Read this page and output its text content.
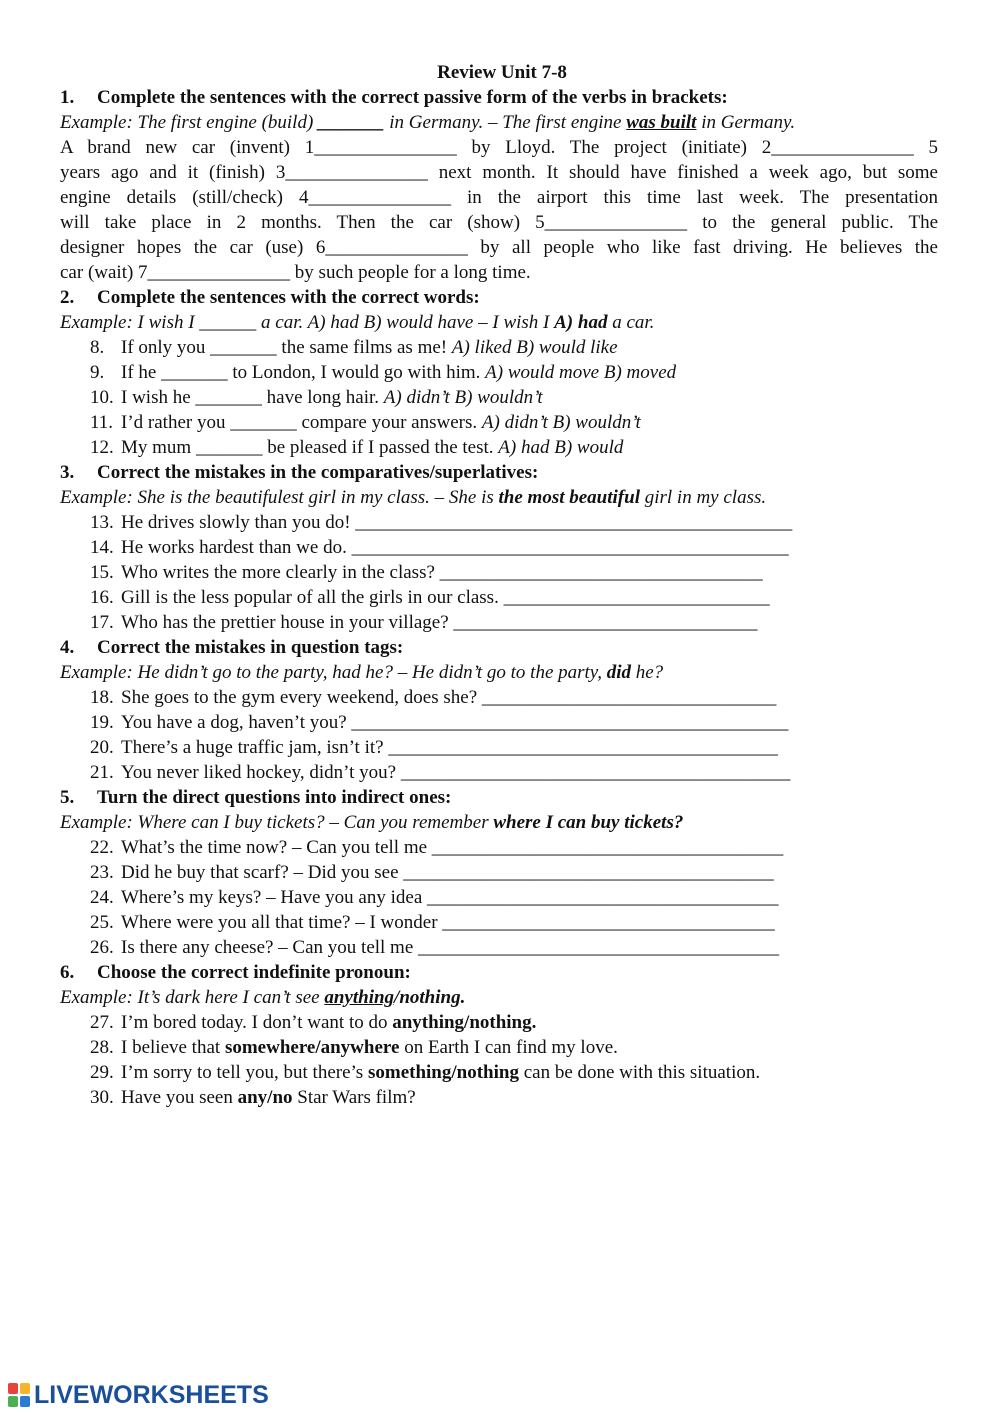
Review Unit 7-8
1.	Complete the sentences with the correct passive form of the verbs in brackets:
Example: The first engine (build) _______ in Germany. – The first engine was built in Germany.
A brand new car (invent) 1_______________ by Lloyd. The project (initiate) 2_______________ 5
years ago and it (finish) 3_______________ next month. It should have finished a week ago, but some
engine details (still/check) 4_______________ in the airport this time last week. The presentation
will take place in 2 months. Then the car (show) 5_______________ to the general public. The
designer hopes the car (use) 6_______________ by all people who like fast driving. He believes the
car (wait) 7_______________ by such people for a long time.
2.	Complete the sentences with the correct words:
Example: I wish I ______ a car. A) had B) would have – I wish I A) had a car.
8. If only you _______ the same films as me! A) liked B) would like
9. If he _______ to London, I would go with him. A) would move B) moved
10. I wish he _______ have long hair. A) didn’t B) wouldn’t
11. I’d rather you _______ compare your answers. A) didn’t B) wouldn’t
12. My mum _______ be pleased if I passed the test. A) had B) would
3.	Correct the mistakes in the comparatives/superlatives:
Example: She is the beautifulest girl in my class. – She is the most beautiful girl in my class.
13. He drives slowly than you do! ______________________________________________
14. He works hardest than we do. ______________________________________________
15. Who writes the more clearly in the class? __________________________________
16. Gill is the less popular of all the girls in our class. ____________________________
17. Who has the prettier house in your village? ________________________________
4.	Correct the mistakes in question tags:
Example: He didn’t go to the party, had he? – He didn’t go to the party, did he?
18. She goes to the gym every weekend, does she? _______________________________
19. You have a dog, haven’t you? ______________________________________________
20. There’s a huge traffic jam, isn’t it? _________________________________________
21. You never liked hockey, didn’t you? _________________________________________
5.	Turn the direct questions into indirect ones:
Example: Where can I buy tickets? – Can you remember where I can buy tickets?
22. What’s the time now? – Can you tell me _____________________________________
23. Did he buy that scarf? – Did you see _______________________________________
24. Where’s my keys? – Have you any idea _____________________________________
25. Where were you all that time? – I wonder ___________________________________
26. Is there any cheese? – Can you tell me ______________________________________
6.	Choose the correct indefinite pronoun:
Example: It’s dark here I can’t see anything/nothing.
27. I’m bored today. I don’t want to do anything/nothing.
28. I believe that somewhere/anywhere on Earth I can find my love.
29. I’m sorry to tell you, but there’s something/nothing can be done with this situation.
30. Have you seen any/no Star Wars film?
LIVEWORKSHEETS
